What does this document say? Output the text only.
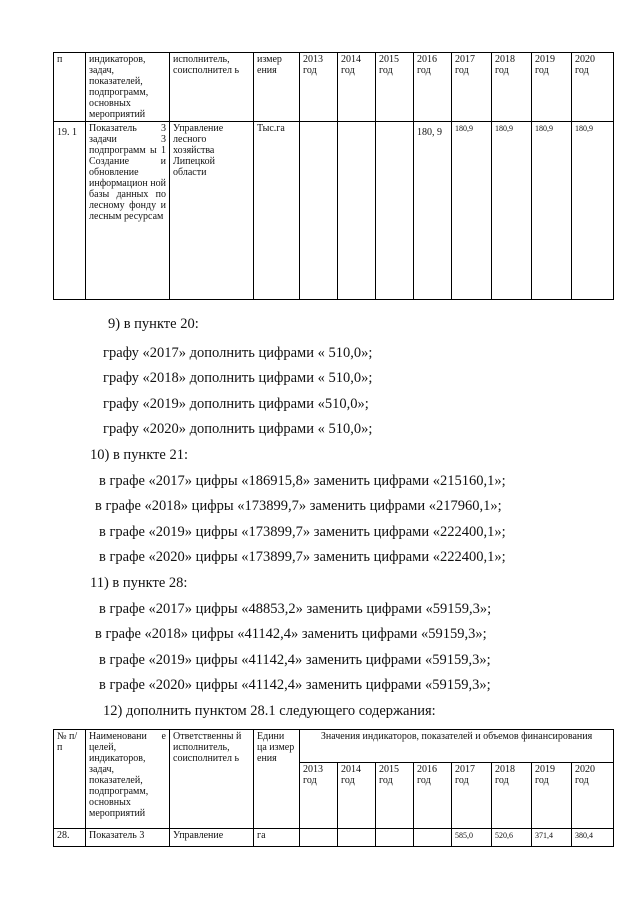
п	индикаторов, задач, показателей, подпрограмм, основных мероприятий	исполнитель, соисполнител ь	измер ения	2013 год	2014 год	2015 год	2016 год	2017 год	2018 год	2019 год	2020 год
19. 1	Показатель 3 задачи 3 подпрограмм ы 1 Создание и обновление информацион ной базы данных по лесному фонду и лесным ресурсам	Управление лесного хозяйства Липецкой области	Тыс.га				180, 9	180,9	180,9	180,9	180,9
9) в пункте 20:
графу «2017» дополнить цифрами « 510,0»;
графу «2018» дополнить цифрами « 510,0»;
графу «2019» дополнить цифрами «510,0»;
графу «2020» дополнить цифрами « 510,0»;
10) в пункте 21:
в графе «2017» цифры «186915,8» заменить цифрами «215160,1»;
в графе «2018» цифры «173899,7» заменить цифрами «217960,1»;
в графе «2019» цифры «173899,7» заменить цифрами «222400,1»;
в графе «2020» цифры «173899,7» заменить цифрами «222400,1»;
11) в пункте 28:
в графе «2017» цифры «48853,2» заменить цифрами «59159,3»;
в графе «2018» цифры «41142,4» заменить цифрами «59159,3»;
в графе «2019» цифры «41142,4» заменить цифрами «59159,3»;
в графе «2020» цифры «41142,4» заменить цифрами «59159,3»;
12) дополнить пунктом 28.1 следующего содержания:
№ п/ п	Наименовани е целей, индикаторов, задач, показателей, подпрограмм, основных мероприятий	Ответственны й исполнитель, соисполнител ь	Едини ца измер ения	Значения индикаторов, показателей и объемов финансирования							
				2013 год	2014 год	2015 год	2016 год	2017 год	2018 год	2019 год	2020 год
28.	Показатель 3	Управление	га					585,0	520,6	371,4	380,4
